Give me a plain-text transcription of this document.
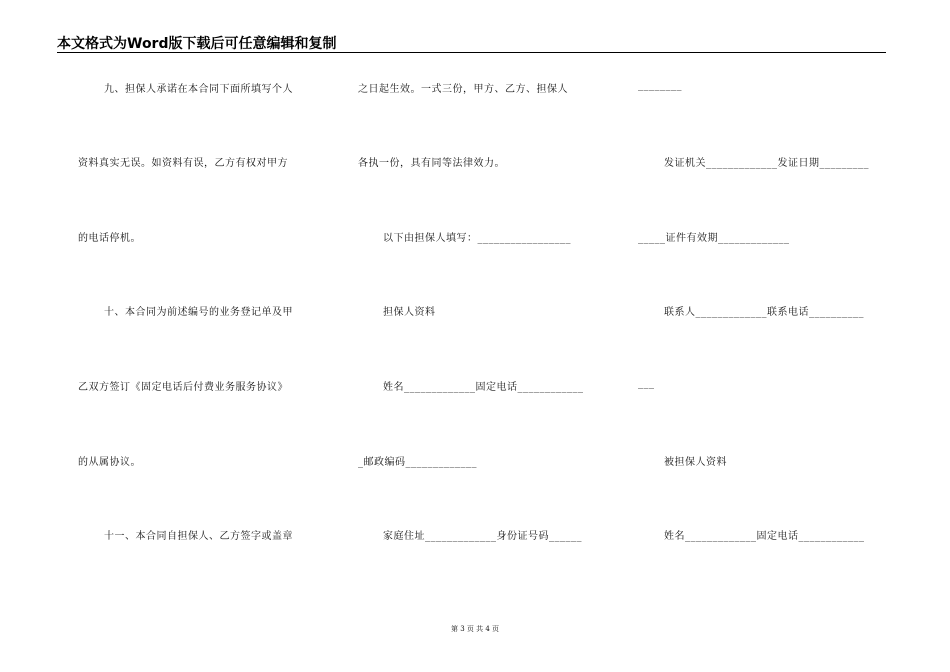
本文格式为Word版下载后可任意编辑和复制
九、担保人承诺在本合同下面所填写个人
资料真实无误。如资料有误，乙方有权对甲方
的电话停机。
十、本合同为前述编号的业务登记单及甲
乙双方签订《固定电话后付费业务服务协议》
的从属协议。
十一、本合同自担保人、乙方签字或盖章
之日起生效。一式三份，甲方、乙方、担保人
各执一份，具有同等法律效力。
以下由担保人填写：_________________
担保人资料
姓名_____________固定电话____________
_邮政编码_____________
家庭住址_____________身份证号码______
________
发证机关_____________发证日期_________
_____证件有效期_____________
联系人_____________联系电话__________
___
被担保人资料
姓名_____________固定电话____________
第 3 页 共 4 页
